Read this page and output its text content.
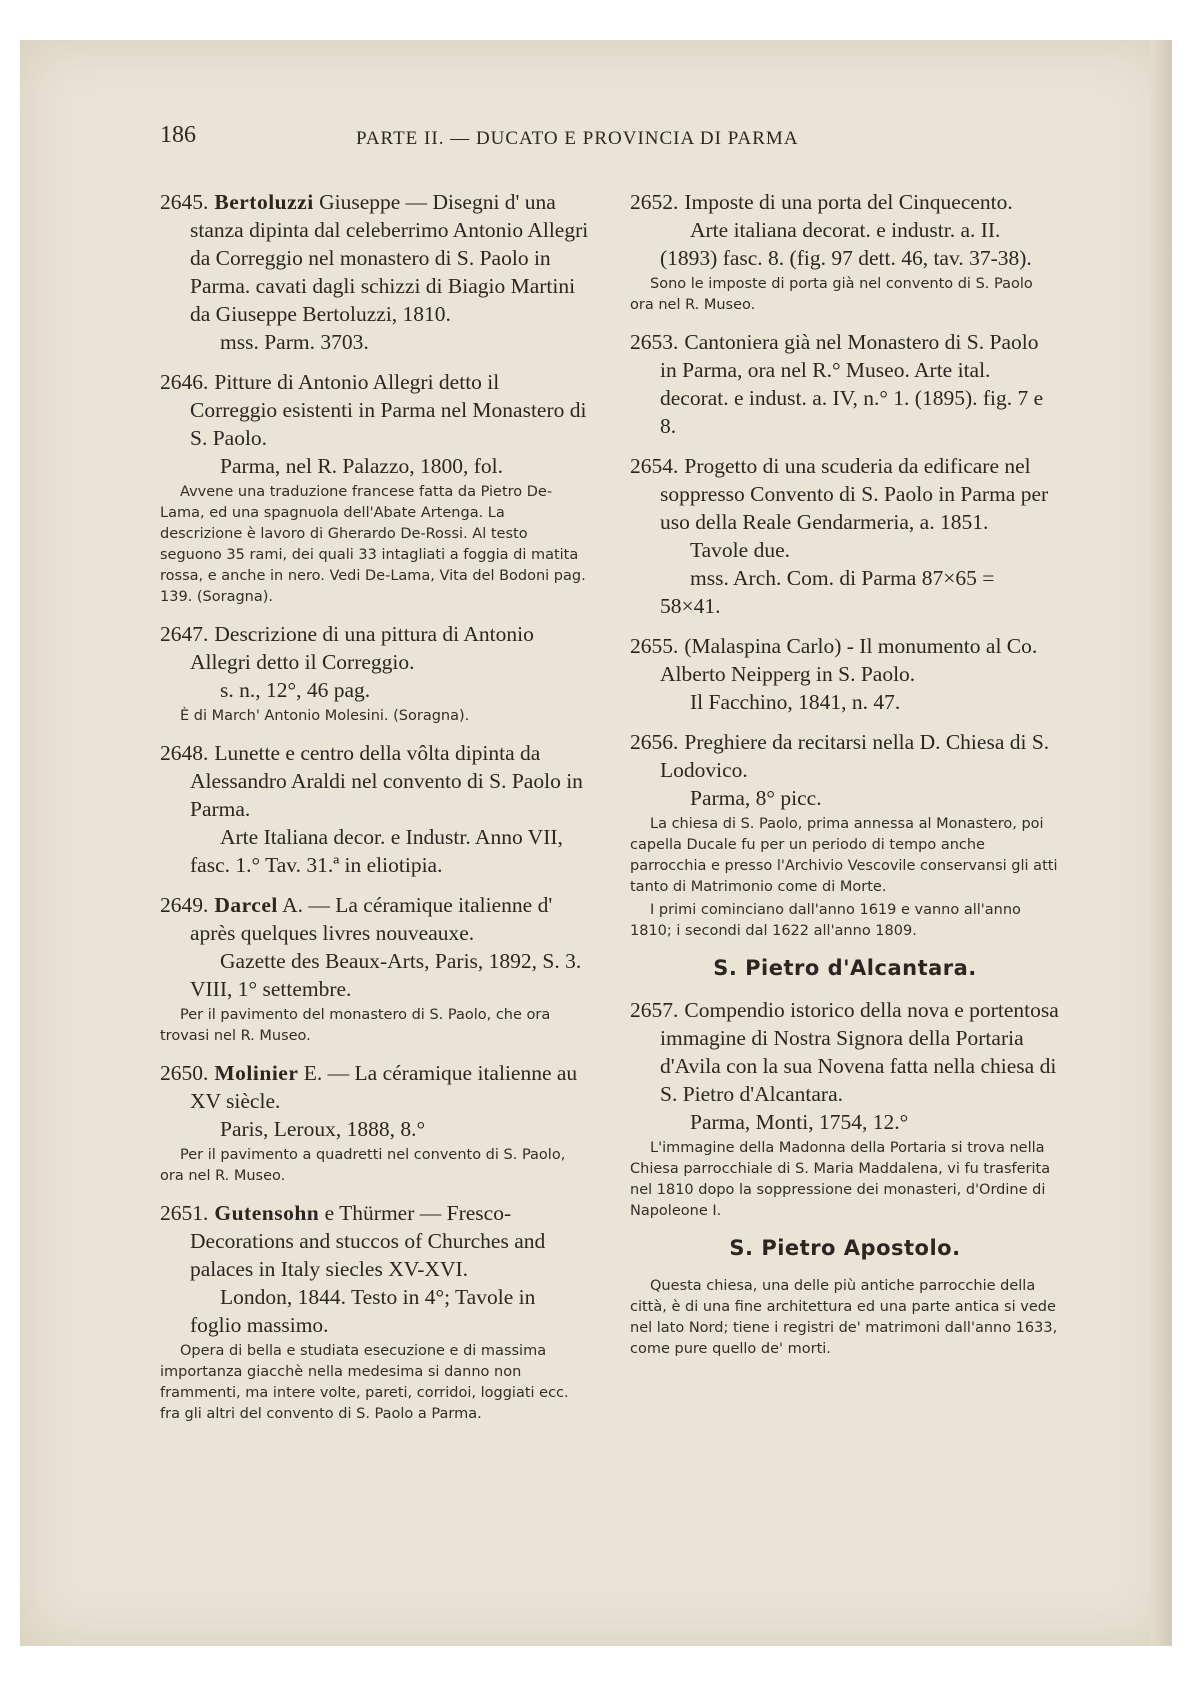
186	PARTE II. — DUCATO E PROVINCIA DI PARMA
2645. Bertoluzzi Giuseppe — Disegni d' una stanza dipinta dal celeberrimo Antonio Allegri da Correggio nel monastero di S. Paolo in Parma. cavati dagli schizzi di Biagio Martini da Giuseppe Bertoluzzi, 1810.
mss. Parm. 3703.
2646. Pitture di Antonio Allegri detto il Correggio esistenti in Parma nel Monastero di S. Paolo.
Parma, nel R. Palazzo, 1800, fol.
Avvene una traduzione francese fatta da Pietro De-Lama, ed una spagnuola dell'Abate Artenga. La descrizione è lavoro di Gherardo De-Rossi. Al testo seguono 35 rami, dei quali 33 intagliati a foggia di matita rossa, e anche in nero. Vedi De-Lama, Vita del Bodoni pag. 139. (Soragna).
2647. Descrizione di una pittura di Antonio Allegri detto il Correggio.
s. n., 12°, 46 pag.
È di March' Antonio Molesini. (Soragna).
2648. Lunette e centro della vôlta dipinta da Alessandro Araldi nel convento di S. Paolo in Parma.
Arte Italiana decor. e Industr. Anno VII, fasc. 1.° Tav. 31.ª in eliotipia.
2649. Darcel A. — La céramique italienne d' après quelques livres nouveauxe.
Gazette des Beaux-Arts, Paris, 1892, S. 3. VIII, 1° settembre.
Per il pavimento del monastero di S. Paolo, che ora trovasi nel R. Museo.
2650. Molinier E. — La céramique italienne au XV siècle.
Paris, Leroux, 1888, 8.°
Per il pavimento a quadretti nel convento di S. Paolo, ora nel R. Museo.
2651. Gutensohn e Thürmer — Fresco-Decorations and stuccos of Churches and palaces in Italy siecles XV-XVI.
London, 1844. Testo in 4°; Tavole in foglio massimo.
Opera di bella e studiata esecuzione e di massima importanza giacchè nella medesima si danno non frammenti, ma intere volte, pareti, corridoi, loggiati ecc. fra gli altri del convento di S. Paolo a Parma.
2652. Imposte di una porta del Cinquecento.
Arte italiana decorat. e industr. a. II. (1893) fasc. 8. (fig. 97 dett. 46, tav. 37-38).
Sono le imposte di porta già nel convento di S. Paolo ora nel R. Museo.
2653. Cantoniera già nel Monastero di S. Paolo in Parma, ora nel R.° Museo. Arte ital. decorat. e indust. a. IV, n.° 1. (1895). fig. 7 e 8.
2654. Progetto di una scuderia da edificare nel soppresso Convento di S. Paolo in Parma per uso della Reale Gendarmeria, a. 1851.
Tavole due.
mss. Arch. Com. di Parma 87×65 = 58×41.
2655. (Malaspina Carlo) - Il monumento al Co. Alberto Neipperg in S. Paolo.
Il Facchino, 1841, n. 47.
2656. Preghiere da recitarsi nella D. Chiesa di S. Lodovico.
Parma, 8° picc.
La chiesa di S. Paolo, prima annessa al Monastero, poi capella Ducale fu per un periodo di tempo anche parrocchia e presso l'Archivio Vescovile conservansi gli atti tanto di Matrimonio come di Morte.
I primi cominciano dall'anno 1619 e vanno all'anno 1810; i secondi dal 1622 all'anno 1809.
S. Pietro d'Alcantara.
2657. Compendio istorico della nova e portentosa immagine di Nostra Signora della Portaria d'Avila con la sua Novena fatta nella chiesa di S. Pietro d'Alcantara.
Parma, Monti, 1754, 12.°
L'immagine della Madonna della Portaria si trova nella Chiesa parrocchiale di S. Maria Maddalena, vi fu trasferita nel 1810 dopo la soppressione dei monasteri, d'Ordine di Napoleone I.
S. Pietro Apostolo.
Questa chiesa, una delle più antiche parrocchie della città, è di una fine architettura ed una parte antica si vede nel lato Nord; tiene i registri de' matrimoni dall'anno 1633, come pure quello de' morti.
